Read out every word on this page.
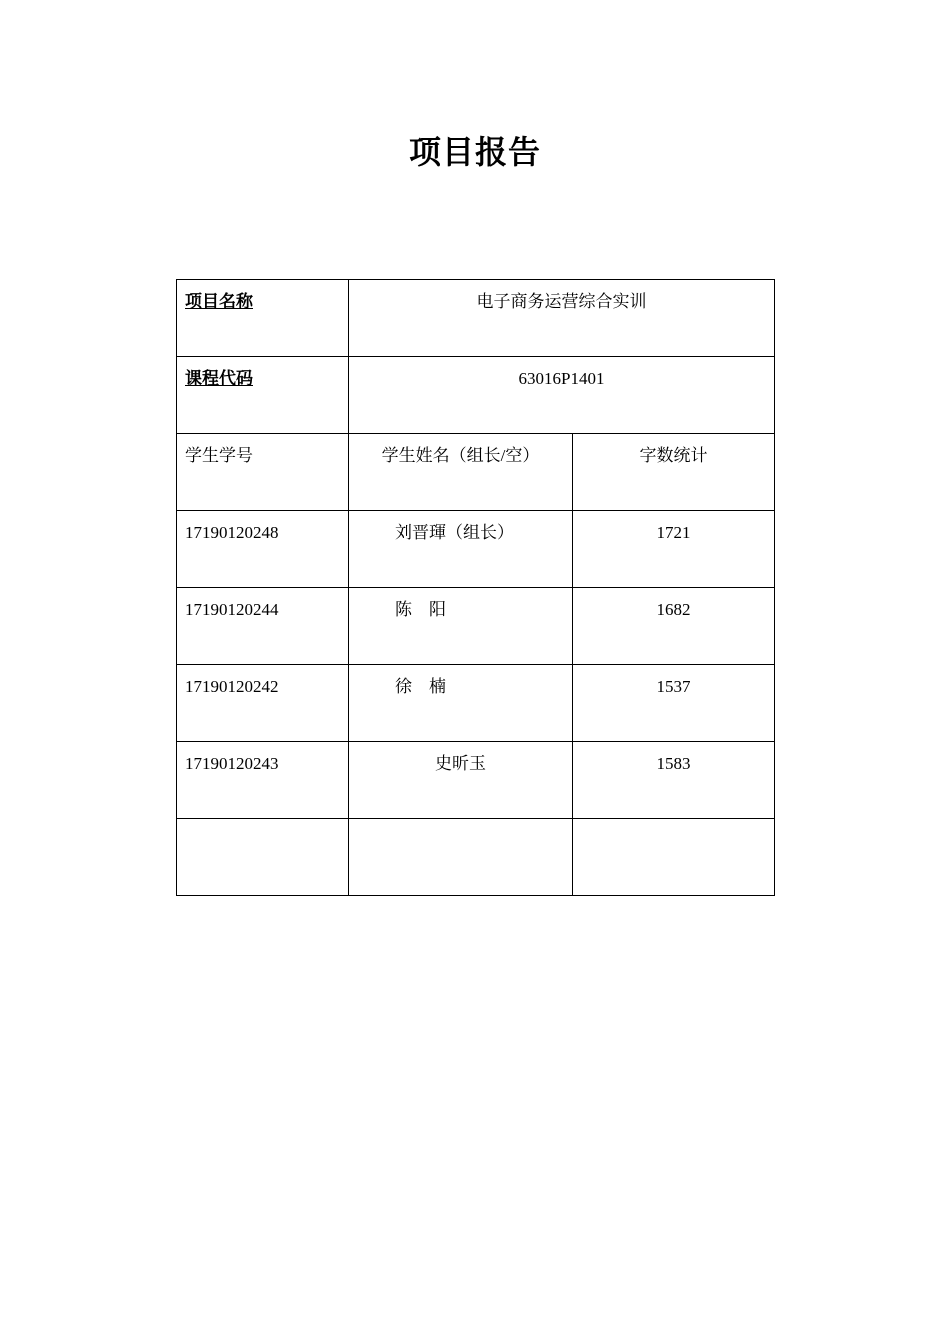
项目报告
项目名称	电子商务运营综合实训	
课程代码	63016P1401	
学生学号	学生姓名（组长/空）	字数统计
17190120248	刘晋琿（组长）	1721
17190120244	陈　阳	1682
17190120242	徐　楠	1537
17190120243	史昕玉	1583
